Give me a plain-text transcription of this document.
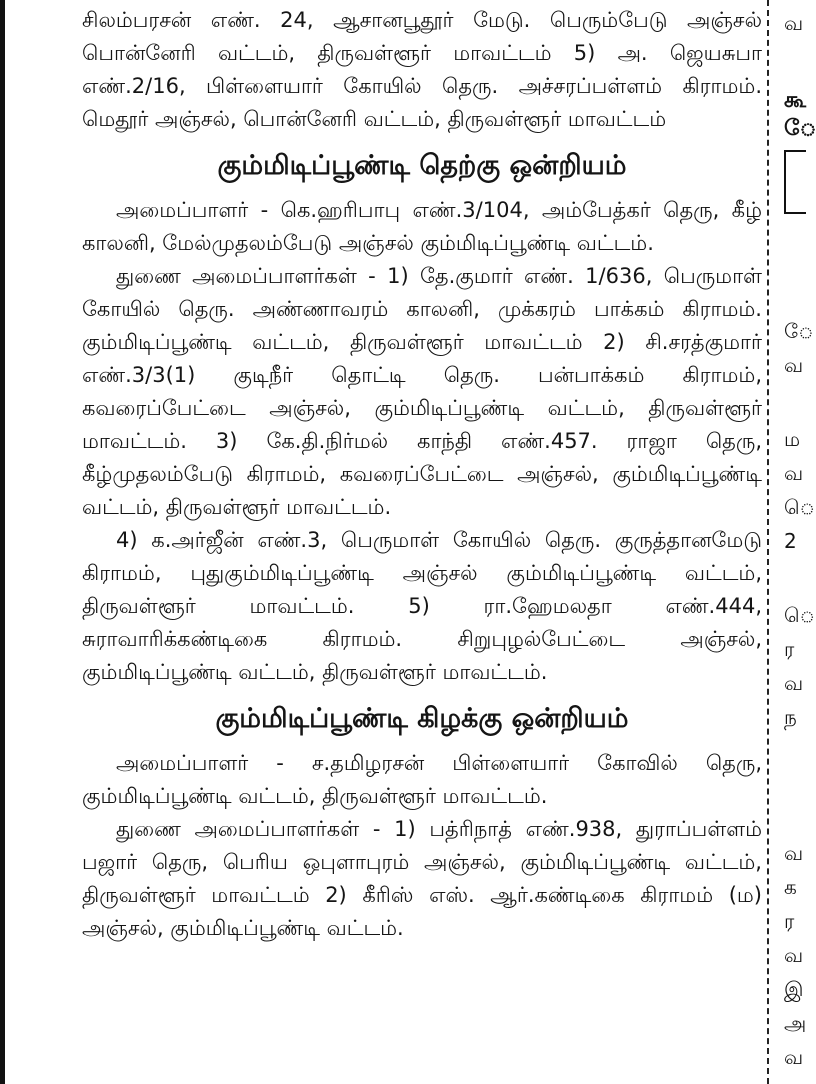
சிலம்பரசன் எண். 24, ஆசானபூதூர் மேடு. பெரும்பேடு அஞ்சல் பொன்னேரி வட்டம், திருவள்ளூர் மாவட்டம் 5) அ. ஜெயசுபா எண்.2/16, பிள்ளையார் கோயில் தெரு. அச்சரப்பள்ளம் கிராமம். மெதூர் அஞ்சல், பொன்னேரி வட்டம், திருவள்ளூர் மாவட்டம்

கும்மிடிப்பூண்டி தெற்கு ஒன்றியம்

அமைப்பாளர் - கெ.ஹரிபாபு எண்.3/104, அம்பேத்கர் தெரு, கீழ் காலனி, மேல்முதலம்பேடு அஞ்சல் கும்மிடிப்பூண்டி வட்டம்.

துணை அமைப்பாளர்கள் - 1) தே.குமார் எண். 1/636, பெருமாள் கோயில் தெரு. அண்ணாவரம் காலனி, முக்கரம் பாக்கம் கிராமம். கும்மிடிப்பூண்டி வட்டம், திருவள்ளூர் மாவட்டம் 2) சி.சரத்குமார் எண்.3/3(1) குடிநீர் தொட்டி தெரு. பன்பாக்கம் கிராமம், கவரைப்பேட்டை அஞ்சல், கும்மிடிப்பூண்டி வட்டம், திருவள்ளூர் மாவட்டம். 3) கே.தி.நிர்மல் காந்தி எண்.457. ராஜா தெரு, கீழ்முதலம்பேடு கிராமம், கவரைப்பேட்டை அஞ்சல், கும்மிடிப்பூண்டி வட்டம், திருவள்ளூர் மாவட்டம்.

4) க.அர்ஜீன் எண்.3, பெருமாள் கோயில் தெரு. குருத்தானமேடு கிராமம், புதுகும்மிடிப்பூண்டி அஞ்சல் கும்மிடிப்பூண்டி வட்டம், திருவள்ளூர் மாவட்டம். 5) ரா.ஹேமலதா எண்.444, சுராவாரிக்கண்டிகை கிராமம். சிறுபுழல்பேட்டை அஞ்சல், கும்மிடிப்பூண்டி வட்டம், திருவள்ளூர் மாவட்டம்.

கும்மிடிப்பூண்டி கிழக்கு ஒன்றியம்

அமைப்பாளர் - ச.தமிழரசன் பிள்ளையார் கோவில் தெரு, கும்மிடிப்பூண்டி வட்டம், திருவள்ளூர் மாவட்டம்.

துணை அமைப்பாளர்கள் - 1) பத்ரிநாத் எண்.938, துராப்பள்ளம் பஜார் தெரு, பெரிய ஒபுளாபுரம் அஞ்சல், கும்மிடிப்பூண்டி வட்டம், திருவள்ளூர் மாவட்டம் 2) கீரிஸ் எஸ். ஆர்.கண்டிகை கிராமம் (ம) அஞ்சல், கும்மிடிப்பூண்டி வட்டம்.

வ
கூ
ே
ே
வ
ம
வ
ெ
2
ெ
ர
வ
ந
வ
க
ர
வ
இ
அ
வ
